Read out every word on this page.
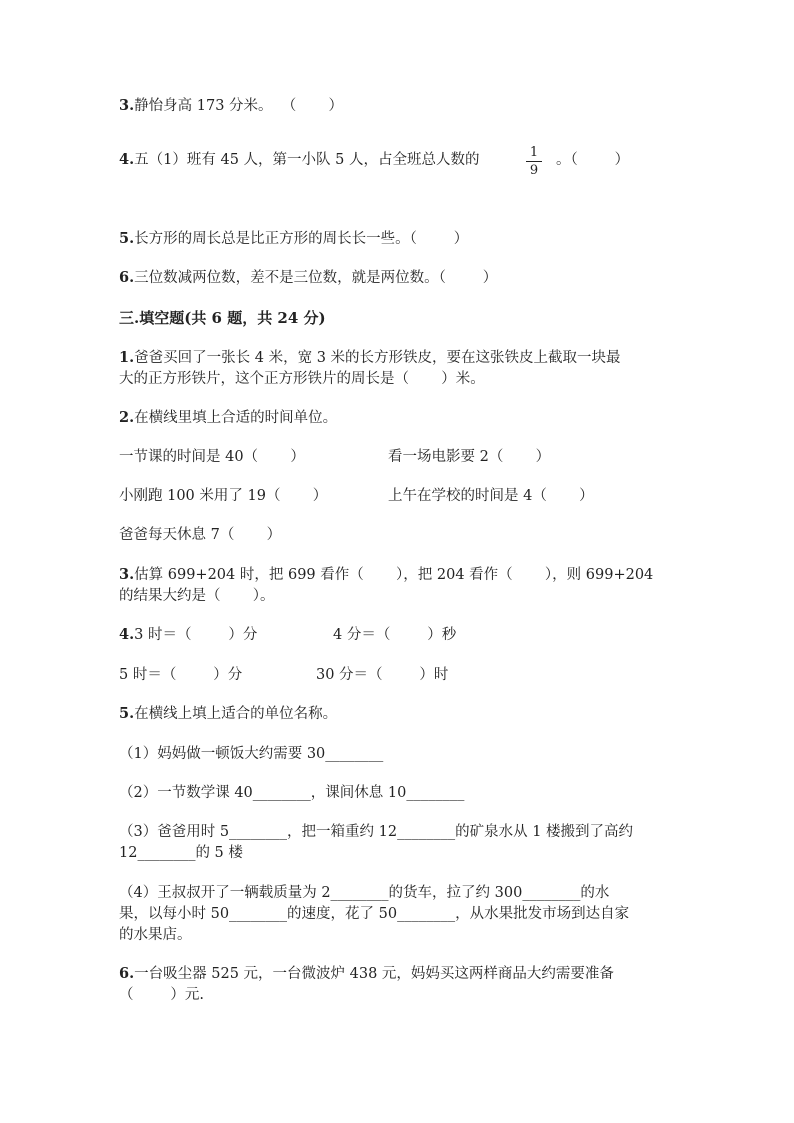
3.静怡身高 173 分米。  （       ）
4.五（1）班有 45 人，第一小队 5 人，占全班总人数的	1
9
。（        ）
5.长方形的周长总是比正方形的周长长一些。（        ）
6.三位数减两位数，差不是三位数，就是两位数。（        ）
三.填空题(共 6 题，共 24 分)
1.爸爸买回了一张长 4 米，宽 3 米的长方形铁皮，要在这张铁皮上截取一块最
大的正方形铁片，这个正方形铁片的周长是（       ）米。
2.在横线里填上合适的时间单位。
一节课的时间是 40（       ）	看一场电影要 2（       ）
小刚跑 100 米用了 19（       ）	上午在学校的时间是 4（       ）
爸爸每天休息 7（       ）
3.估算 699+204 时，把 699 看作（       ），把 204 看作（       ），则 699+204
的结果大约是（       ）。
4.3 时＝（        ）分	4 分＝（        ）秒
5 时＝（        ）分	30 分＝（        ）时
5.在横线上填上适合的单位名称。
（1）妈妈做一顿饭大约需要 30________
（2）一节数学课 40________，课间休息 10________
（3）爸爸用时 5________，把一箱重约 12________的矿泉水从 1 楼搬到了高约
12________的 5 楼
（4）王叔叔开了一辆载质量为 2________的货车，拉了约 300________的水
果，以每小时 50________的速度，花了 50________，从水果批发市场到达自家
的水果店。
6.一台吸尘器 525 元，一台微波炉 438 元，妈妈买这两样商品大约需要准备
（        ）元.
